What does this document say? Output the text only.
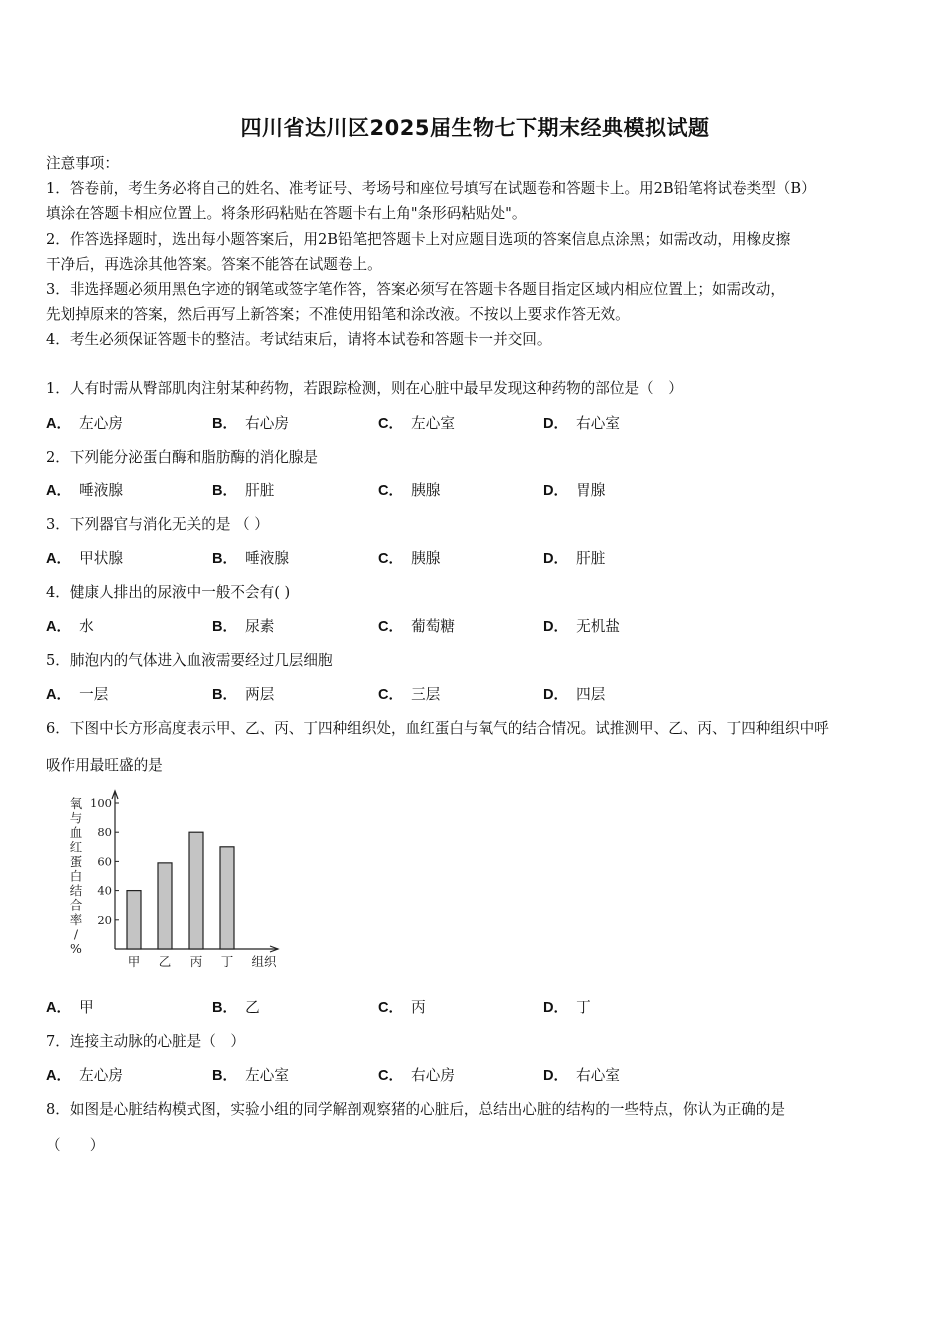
四川省达川区2025届生物七下期末经典模拟试题
注意事项：
1．答卷前，考生务必将自己的姓名、准考证号、考场号和座位号填写在试题卷和答题卡上。用2B铅笔将试卷类型（B）
填涂在答题卡相应位置上。将条形码粘贴在答题卡右上角"条形码粘贴处"。
2．作答选择题时，选出每小题答案后，用2B铅笔把答题卡上对应题目选项的答案信息点涂黑；如需改动，用橡皮擦
干净后，再选涂其他答案。答案不能答在试题卷上。
3．非选择题必须用黑色字迹的钢笔或签字笔作答，答案必须写在答题卡各题目指定区域内相应位置上；如需改动，
先划掉原来的答案，然后再写上新答案；不准使用铅笔和涂改液。不按以上要求作答无效。
4．考生必须保证答题卡的整洁。考试结束后，请将本试卷和答题卡一并交回。
1．人有时需从臀部肌肉注射某种药物，若跟踪检测，则在心脏中最早发现这种药物的部位是（　）
A． 左心房	B． 右心房	C． 左心室	D． 右心室
2．下列能分泌蛋白酶和脂肪酶的消化腺是
A． 唾液腺	B． 肝脏	C． 胰腺	D． 胃腺
3．下列器官与消化无关的是 （ ）
A． 甲状腺	B． 唾液腺	C． 胰腺	D． 肝脏
4．健康人排出的尿液中一般不会有( )
A． 水	B． 尿素	C． 葡萄糖	D． 无机盐
5．肺泡内的气体进入血液需要经过几层细胞
A． 一层	B． 两层	C． 三层	D． 四层
6．下图中长方形高度表示甲、乙、丙、丁四种组织处，血红蛋白与氧气的结合情况。试推测甲、乙、丙、丁四种组织中呼
吸作用最旺盛的是
氧
与
血
红
蛋
白
结
合
率
/
%
100
80
60
40
20
甲 乙 丙 丁 组织
A． 甲	B． 乙	C． 丙	D． 丁
7．连接主动脉的心脏是（　）
A． 左心房	B． 左心室	C． 右心房	D． 右心室
8．如图是心脏结构模式图，实验小组的同学解剖观察猪的心脏后，总结出心脏的结构的一些特点，你认为正确的是
（　　）
